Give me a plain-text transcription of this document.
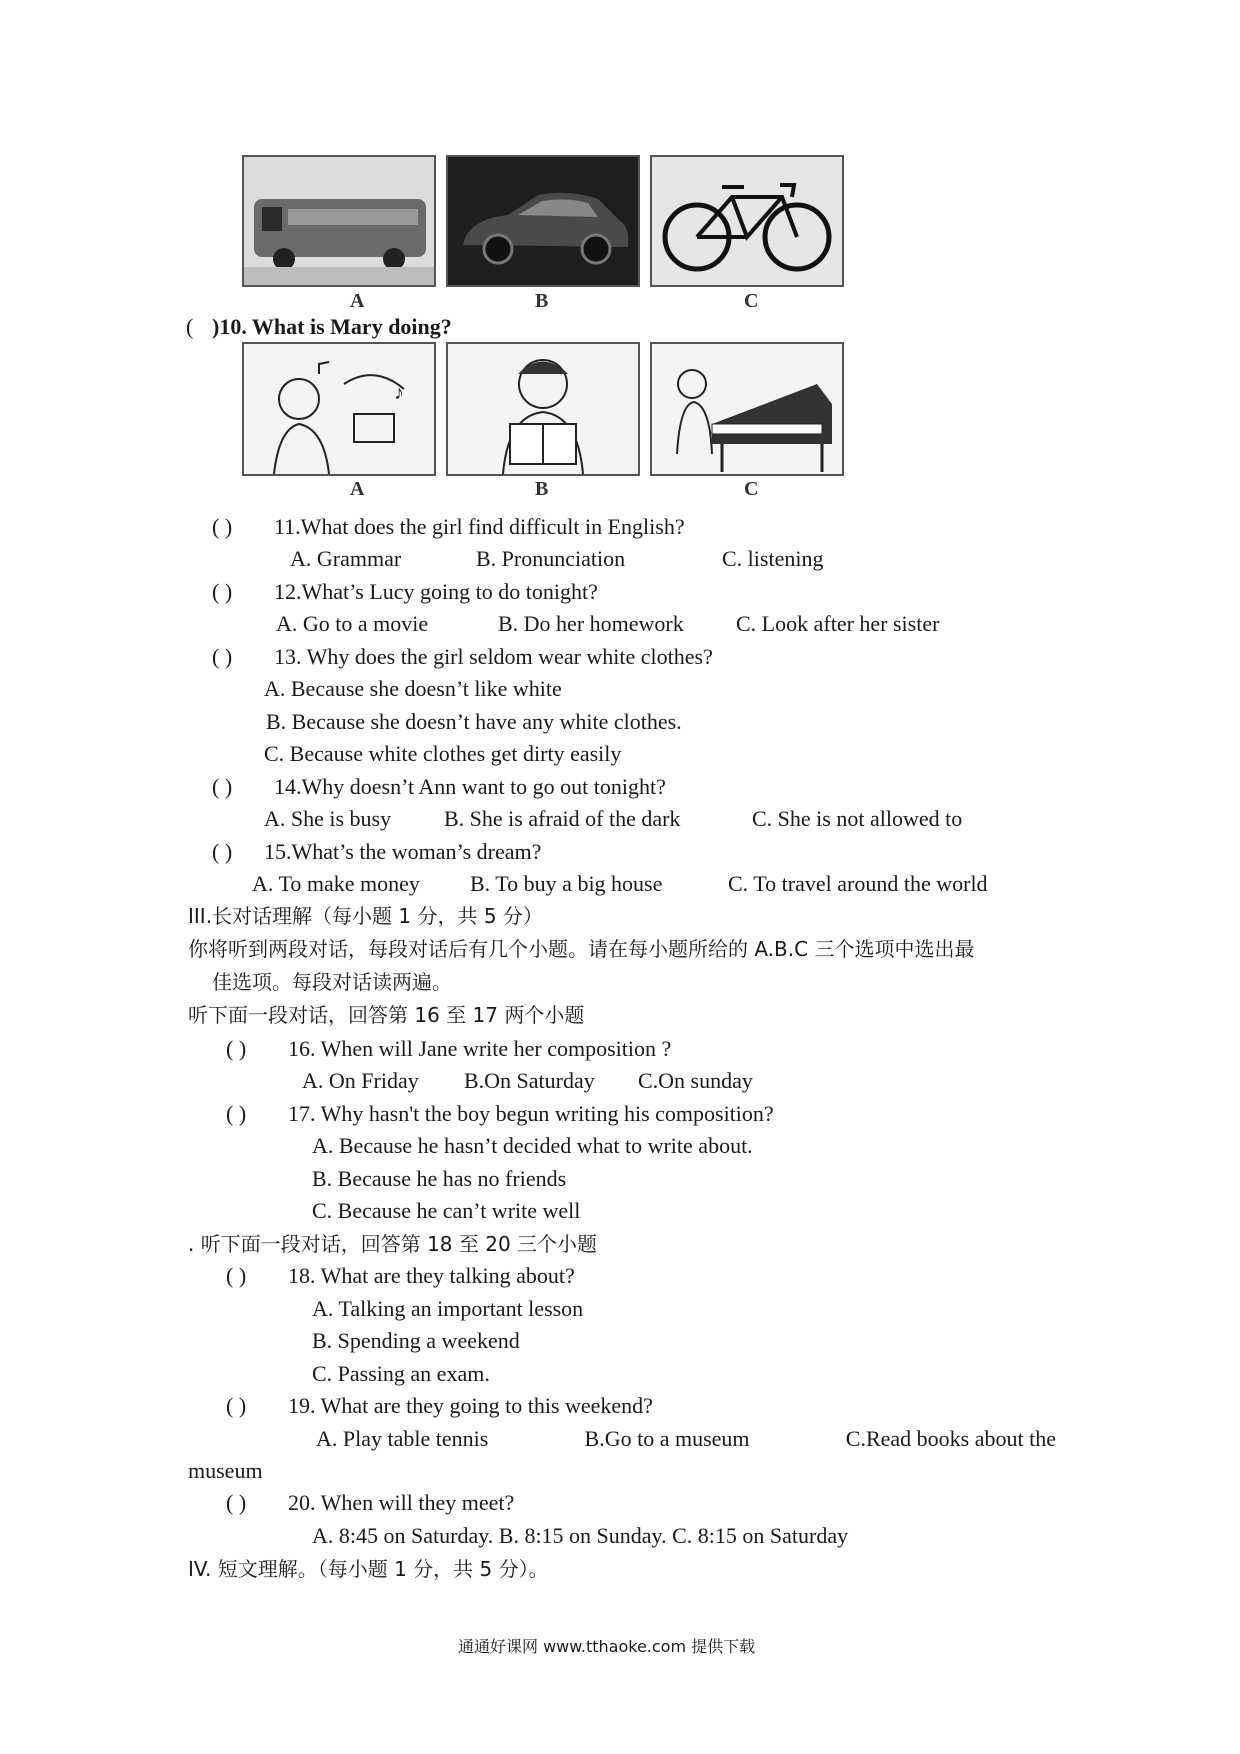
A	B	C
( )10. What is Mary doing?
♪
A	B	C
( ) 11.What does the girl find difficult in English?
A. Grammar	B. Pronunciation	C. listening
( ) 12.What’s Lucy going to do tonight?
A. Go to a movie	B. Do her homework C. Look after her sister
( ) 13. Why does the girl seldom wear white clothes?
A. Because she doesn’t like white
B. Because she doesn’t have any white clothes.
C. Because white clothes get dirty easily
( ) 14.Why doesn’t Ann want to go out tonight?
A. She is busy B. She is afraid of the dark	C. She is not allowed to
( ) 15.What’s the woman’s dream?
A. To make money B. To buy a big house	C. To travel around the world
III.长对话理解（每小题 1 分，共 5 分）
你将听到两段对话，每段对话后有几个小题。请在每小题所给的 A.B.C 三个选项中选出最
佳选项。每段对话读两遍。
听下面一段对话，回答第 16 至 17 两个小题
( ) 16. When will Jane write her composition ?
A. On Friday B.On Saturday C.On sunday
( ) 17. Why hasn't the boy begun writing his composition?
A. Because he hasn’t decided what to write about.
B. Because he has no friends
C. Because he can’t write well
. 听下面一段对话，回答第 18 至 20 三个小题
( ) 18. What are they talking about?
A. Talking an important lesson
B. Spending a weekend
C. Passing an exam.
( ) 19. What are they going to this weekend?
A. Play table tennis	B.Go to a museum	C.Read books about the
museum
( ) 20. When will they meet?
A. 8:45 on Saturday. B. 8:15 on Sunday. C. 8:15 on Saturday
IV. 短文理解。（每小题 1 分，共 5 分）。
通通好课网 www.tthaoke.com 提供下载
